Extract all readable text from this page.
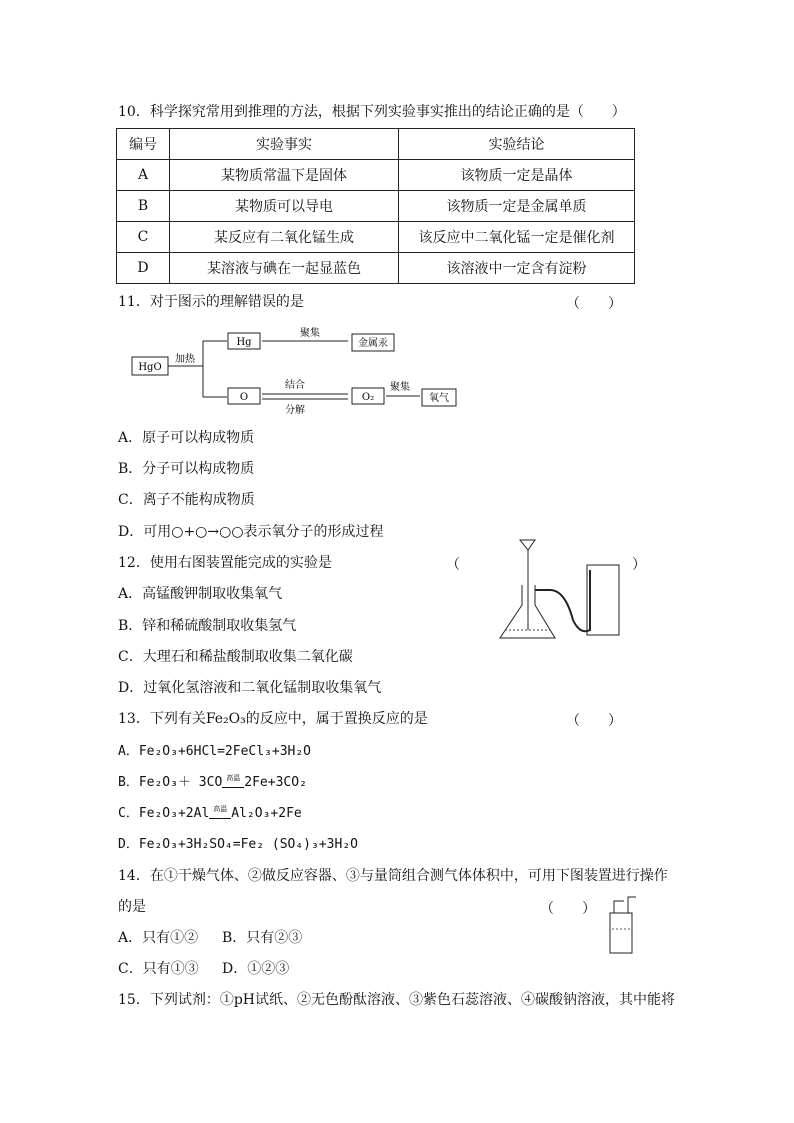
10．科学探究常用到推理的方法，根据下列实验事实推出的结论正确的是（　　）
编号	实验事实	实验结论
A	某物质常温下是固体	该物质一定是晶体
B	某物质可以导电	该物质一定是金属单质
C	某反应有二氧化锰生成	该反应中二氧化锰一定是催化剂
D	某溶液与碘在一起显蓝色	该溶液中一定含有淀粉
11．对于图示的理解错误的是	（　　）
HgO
加热
Hg
聚集
金属汞
O
结合
分解
O₂
聚集
氧气
A．原子可以构成物质
B．分子可以构成物质
C．离子不能构成物质
D．可用○+○→○○表示氧分子的形成过程
12．使用右图装置能完成的实验是	（	）
A．高锰酸钾制取收集氧气
B．锌和稀硫酸制取收集氢气
C．大理石和稀盐酸制取收集二氧化碳
D．过氧化氢溶液和二氧化锰制取收集氧气
13．下列有关Fe₂O₃的反应中，属于置换反应的是	（　　）
A．Fe₂O₃+6HCl=2FeCl₃+3H₂O
B．Fe₂O₃＋ 3CO 高温 2Fe+3CO₂
C．Fe₂O₃+2Al 高温 Al₂O₃+2Fe
D．Fe₂O₃+3H₂SO₄=Fe₂ (SO₄)₃+3H₂O
14．在①干燥气体、②做反应容器、③与量筒组合测气体体积中，可用下图装置进行操作
的是	（　　）
A．只有①② B．只有②③
C．只有①③ D．①②③
15．下列试剂：①pH试纸、②无色酚酞溶液、③紫色石蕊溶液、④碳酸钠溶液，其中能将
